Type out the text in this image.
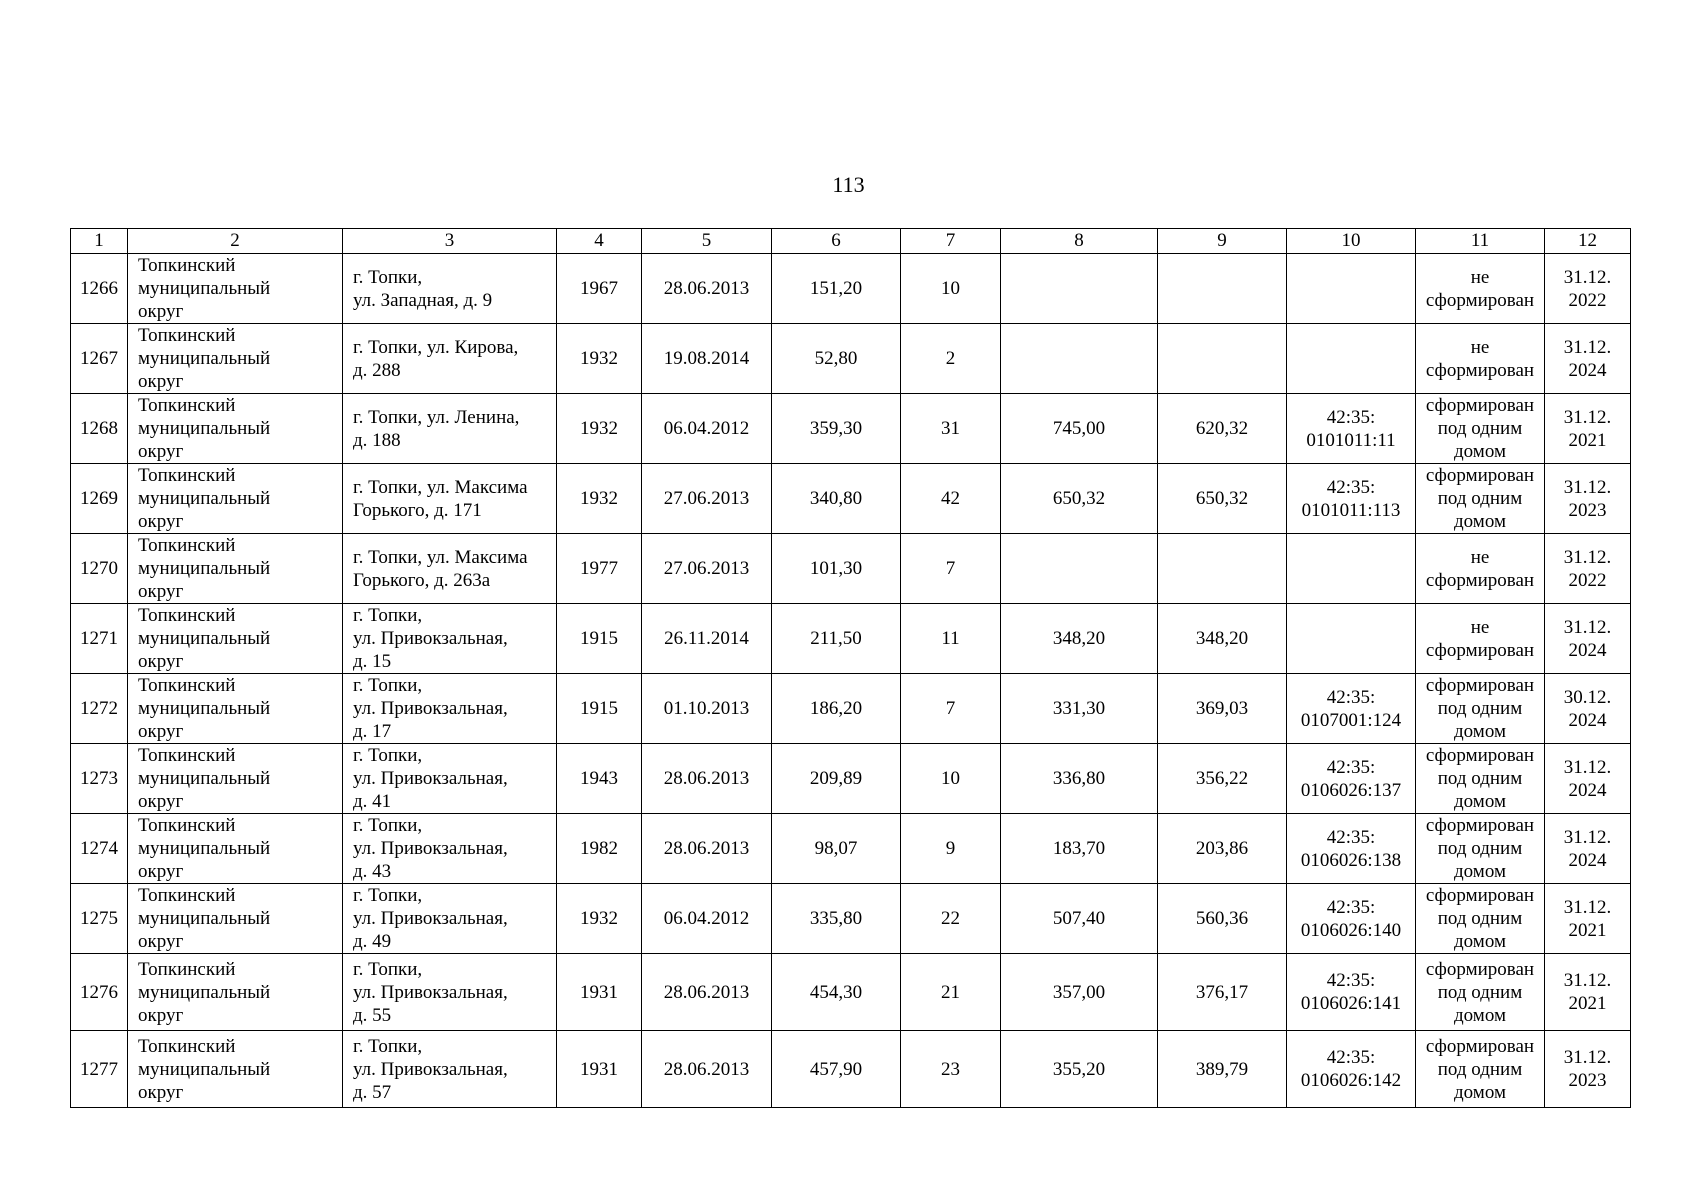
113
1	2	3	4	5	6	7	8	9	10	11	12
1266	Топкинский
муниципальный
округ	г. Топки,
ул. Западная, д. 9	1967	28.06.2013	151,20	10				не
сформирован	31.12.
2022
1267	Топкинский
муниципальный
округ	г. Топки, ул. Кирова,
д. 288	1932	19.08.2014	52,80	2				не
сформирован	31.12.
2024
1268	Топкинский
муниципальный
округ	г. Топки, ул. Ленина,
д. 188	1932	06.04.2012	359,30	31	745,00	620,32	42:35:
0101011:11	сформирован
под одним
домом	31.12.
2021
1269	Топкинский
муниципальный
округ	г. Топки, ул. Максима
Горького, д. 171	1932	27.06.2013	340,80	42	650,32	650,32	42:35:
0101011:113	сформирован
под одним
домом	31.12.
2023
1270	Топкинский
муниципальный
округ	г. Топки, ул. Максима
Горького, д. 263а	1977	27.06.2013	101,30	7				не
сформирован	31.12.
2022
1271	Топкинский
муниципальный
округ	г. Топки,
ул. Привокзальная,
д. 15	1915	26.11.2014	211,50	11	348,20	348,20		не
сформирован	31.12.
2024
1272	Топкинский
муниципальный
округ	г. Топки,
ул. Привокзальная,
д. 17	1915	01.10.2013	186,20	7	331,30	369,03	42:35:
0107001:124	сформирован
под одним
домом	30.12.
2024
1273	Топкинский
муниципальный
округ	г. Топки,
ул. Привокзальная,
д. 41	1943	28.06.2013	209,89	10	336,80	356,22	42:35:
0106026:137	сформирован
под одним
домом	31.12.
2024
1274	Топкинский
муниципальный
округ	г. Топки,
ул. Привокзальная,
д. 43	1982	28.06.2013	98,07	9	183,70	203,86	42:35:
0106026:138	сформирован
под одним
домом	31.12.
2024
1275	Топкинский
муниципальный
округ	г. Топки,
ул. Привокзальная,
д. 49	1932	06.04.2012	335,80	22	507,40	560,36	42:35:
0106026:140	сформирован
под одним
домом	31.12.
2021
1276	Топкинский
муниципальный
округ	г. Топки,
ул. Привокзальная,
д. 55	1931	28.06.2013	454,30	21	357,00	376,17	42:35:
0106026:141	сформирован
под одним
домом	31.12.
2021
1277	Топкинский
муниципальный
округ	г. Топки,
ул. Привокзальная,
д. 57	1931	28.06.2013	457,90	23	355,20	389,79	42:35:
0106026:142	сформирован
под одним
домом	31.12.
2023
